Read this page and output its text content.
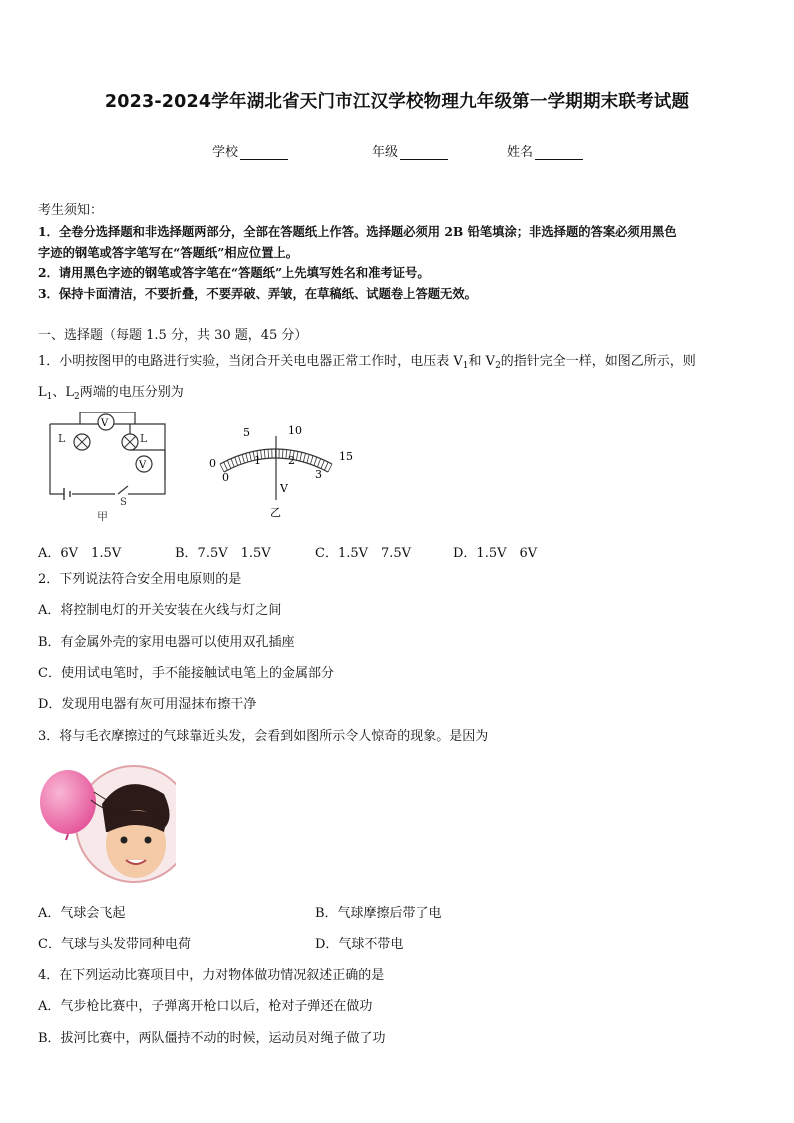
2023-2024学年湖北省天门市江汉学校物理九年级第一学期期末联考试题
学校	年级	姓名
考生须知：
1．全卷分选择题和非选择题两部分，全部在答题纸上作答。选择题必须用 2B 铅笔填涂；非选择题的答案必须用黑色
字迹的钢笔或答字笔写在“答题纸”相应位置上。
2．请用黑色字迹的钢笔或答字笔在“答题纸”上先填写姓名和准考证号。
3．保持卡面清洁，不要折叠，不要弄破、弄皱，在草稿纸、试题卷上答题无效。
一、选择题（每题 1.5 分，共 30 题，45 分）
1．小明按图甲的电路进行实验，当闭合开关电电器正常工作时，电压表 $V_1$和 $V_2$的指针完全一样，如图乙所示，则
$L_1$、$L_2$两端的电压分别为
V
V
L	L
S
甲
0
5	10
15
0
1 2
3
V
乙
A．6V　1.5V	B．7.5V　1.5V	C．1.5V　7.5V	D．1.5V　6V
2．下列说法符合安全用电原则的是
A．将控制电灯的开关安装在火线与灯之间
B．有金属外壳的家用电器可以使用双孔插座
C．使用试电笔时，手不能接触试电笔上的金属部分
D．发现用电器有灰可用湿抹布擦干净
3．将与毛衣摩擦过的气球靠近头发，会看到如图所示令人惊奇的现象。是因为
A．气球会飞起	B．气球摩擦后带了电
C．气球与头发带同种电荷	D．气球不带电
4．在下列运动比赛项目中，力对物体做功情况叙述正确的是
A．气步枪比赛中，子弹离开枪口以后，枪对子弹还在做功
B．拔河比赛中，两队僵持不动的时候，运动员对绳子做了功
